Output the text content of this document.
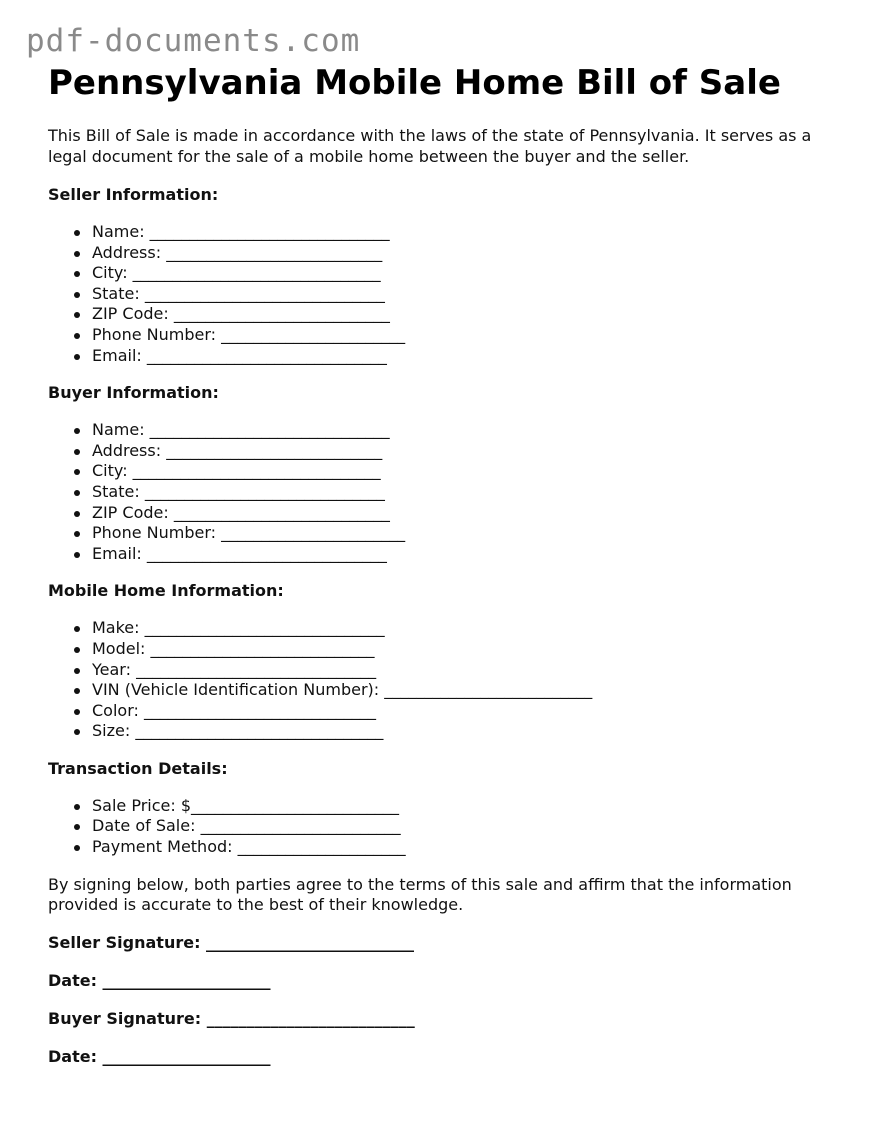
pdf-documents.com
Pennsylvania Mobile Home Bill of Sale

This Bill of Sale is made in accordance with the laws of the state of Pennsylvania. It serves as a legal document for the sale of a mobile home between the buyer and the seller.

Seller Information:

Name: ______________________________
Address: ___________________________
City: _______________________________
State: ______________________________
ZIP Code: ___________________________
Phone Number: _______________________
Email: ______________________________

Buyer Information:

Name: ______________________________
Address: ___________________________
City: _______________________________
State: ______________________________
ZIP Code: ___________________________
Phone Number: _______________________
Email: ______________________________

Mobile Home Information:

Make: ______________________________
Model: ____________________________
Year: ______________________________
VIN (Vehicle Identification Number): __________________________
Color: _____________________________
Size: _______________________________

Transaction Details:

Sale Price: $__________________________
Date of Sale: _________________________
Payment Method: _____________________

By signing below, both parties agree to the terms of this sale and affirm that the information provided is accurate to the best of their knowledge.

Seller Signature: __________________________

Date: _____________________

Buyer Signature: __________________________

Date: _____________________
